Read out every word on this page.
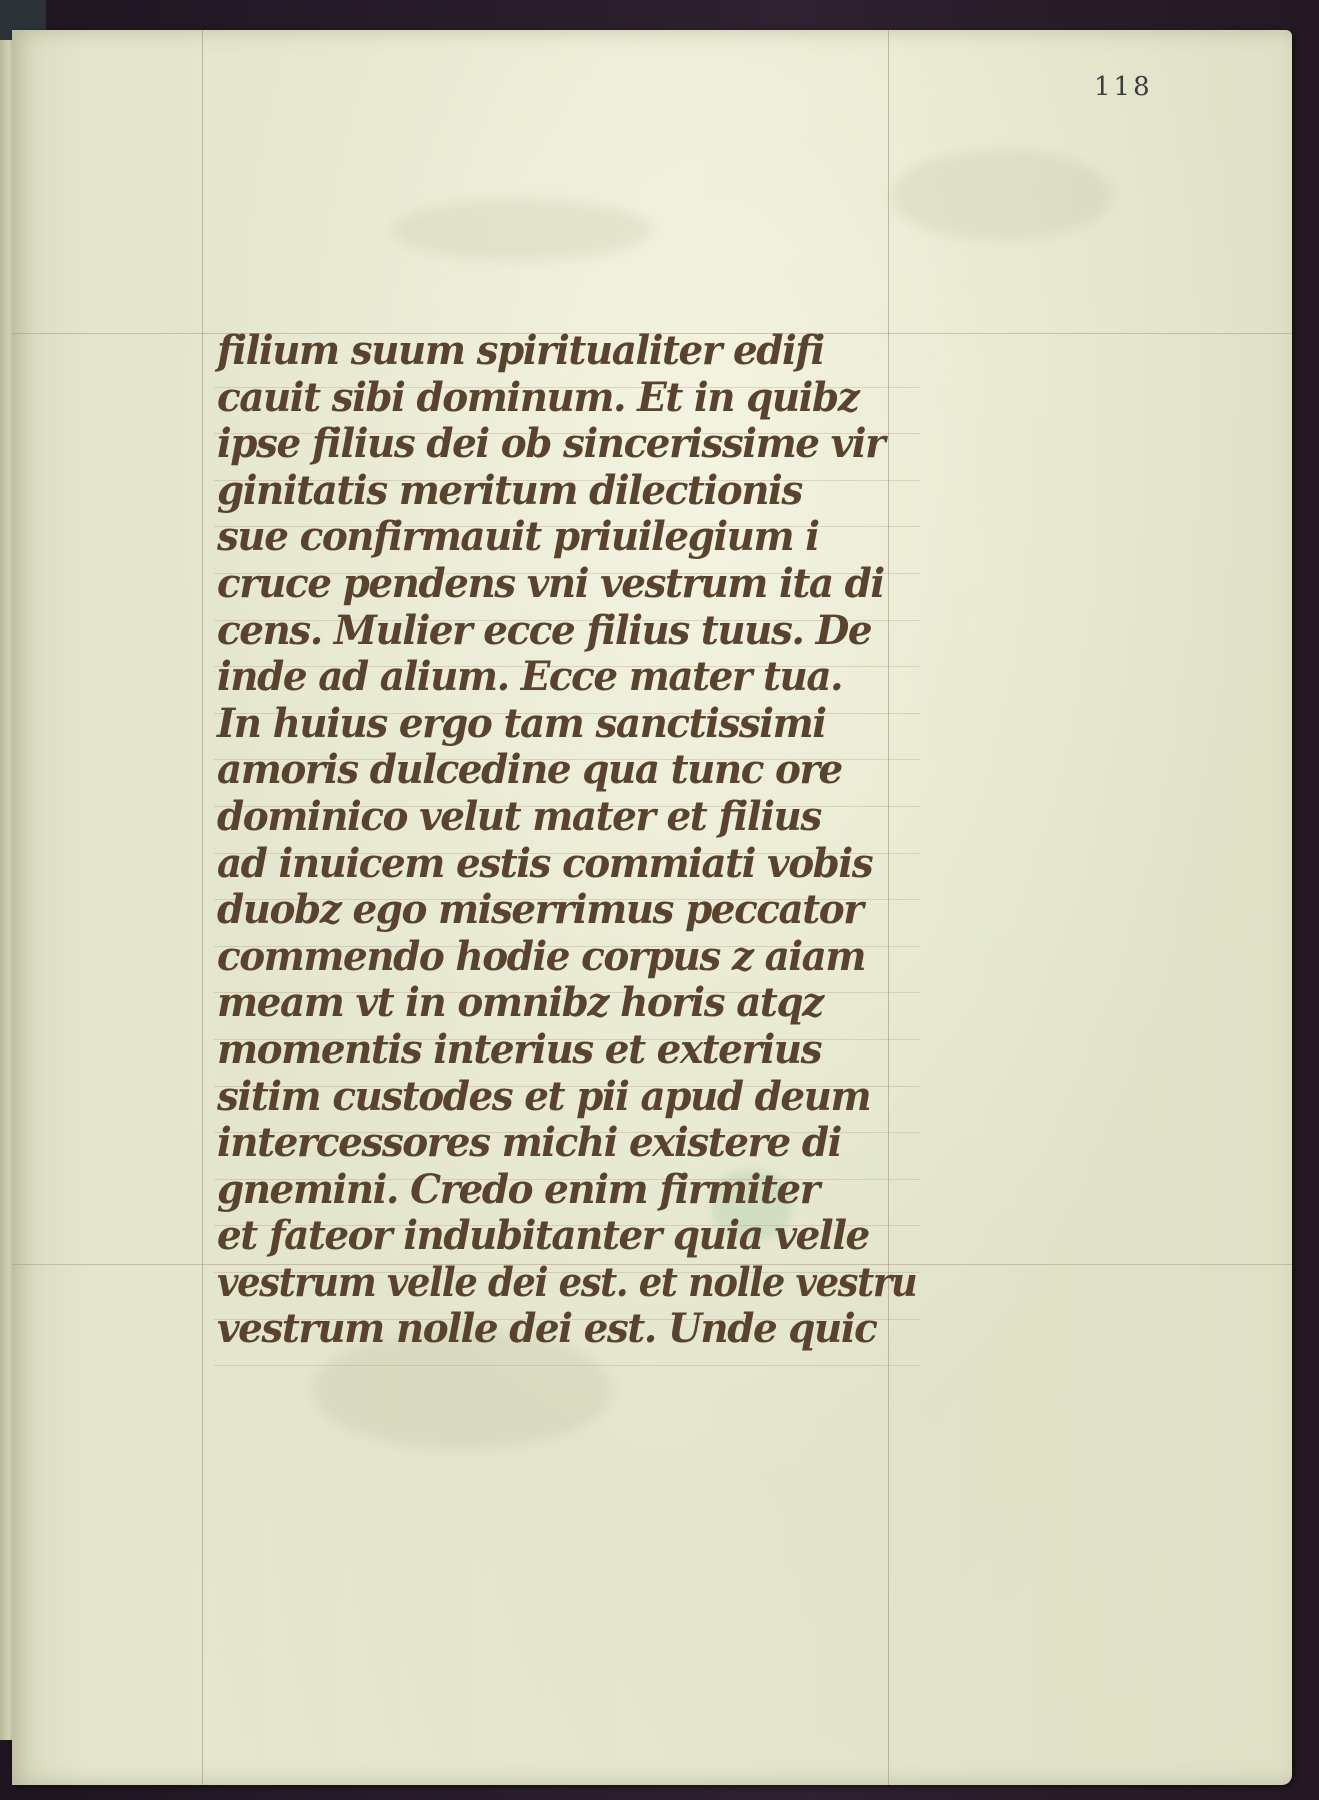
118
filium suum spiritualiter edifi
cauit sibi dominum. Et in quibz
ipse filius dei ob sincerissime vir
ginitatis meritum dilectionis
sue confirmauit priuilegium i
cruce pendens vni vestrum ita di
cens. Mulier ecce filius tuus. De
inde ad alium. Ecce mater tua.
In huius ergo tam sanctissimi
amoris dulcedine qua tunc ore
dominico velut mater et filius
ad inuicem estis commiati vobis
duobz ego miserrimus peccator
commendo hodie corpus z aiam
meam vt in omnibz horis atqz
momentis interius et exterius
sitim custodes et pii apud deum
intercessores michi existere di
gnemini. Credo enim firmiter
et fateor indubitanter quia velle
vestrum velle dei est. et nolle vestru
vestrum nolle dei est. Unde quic
